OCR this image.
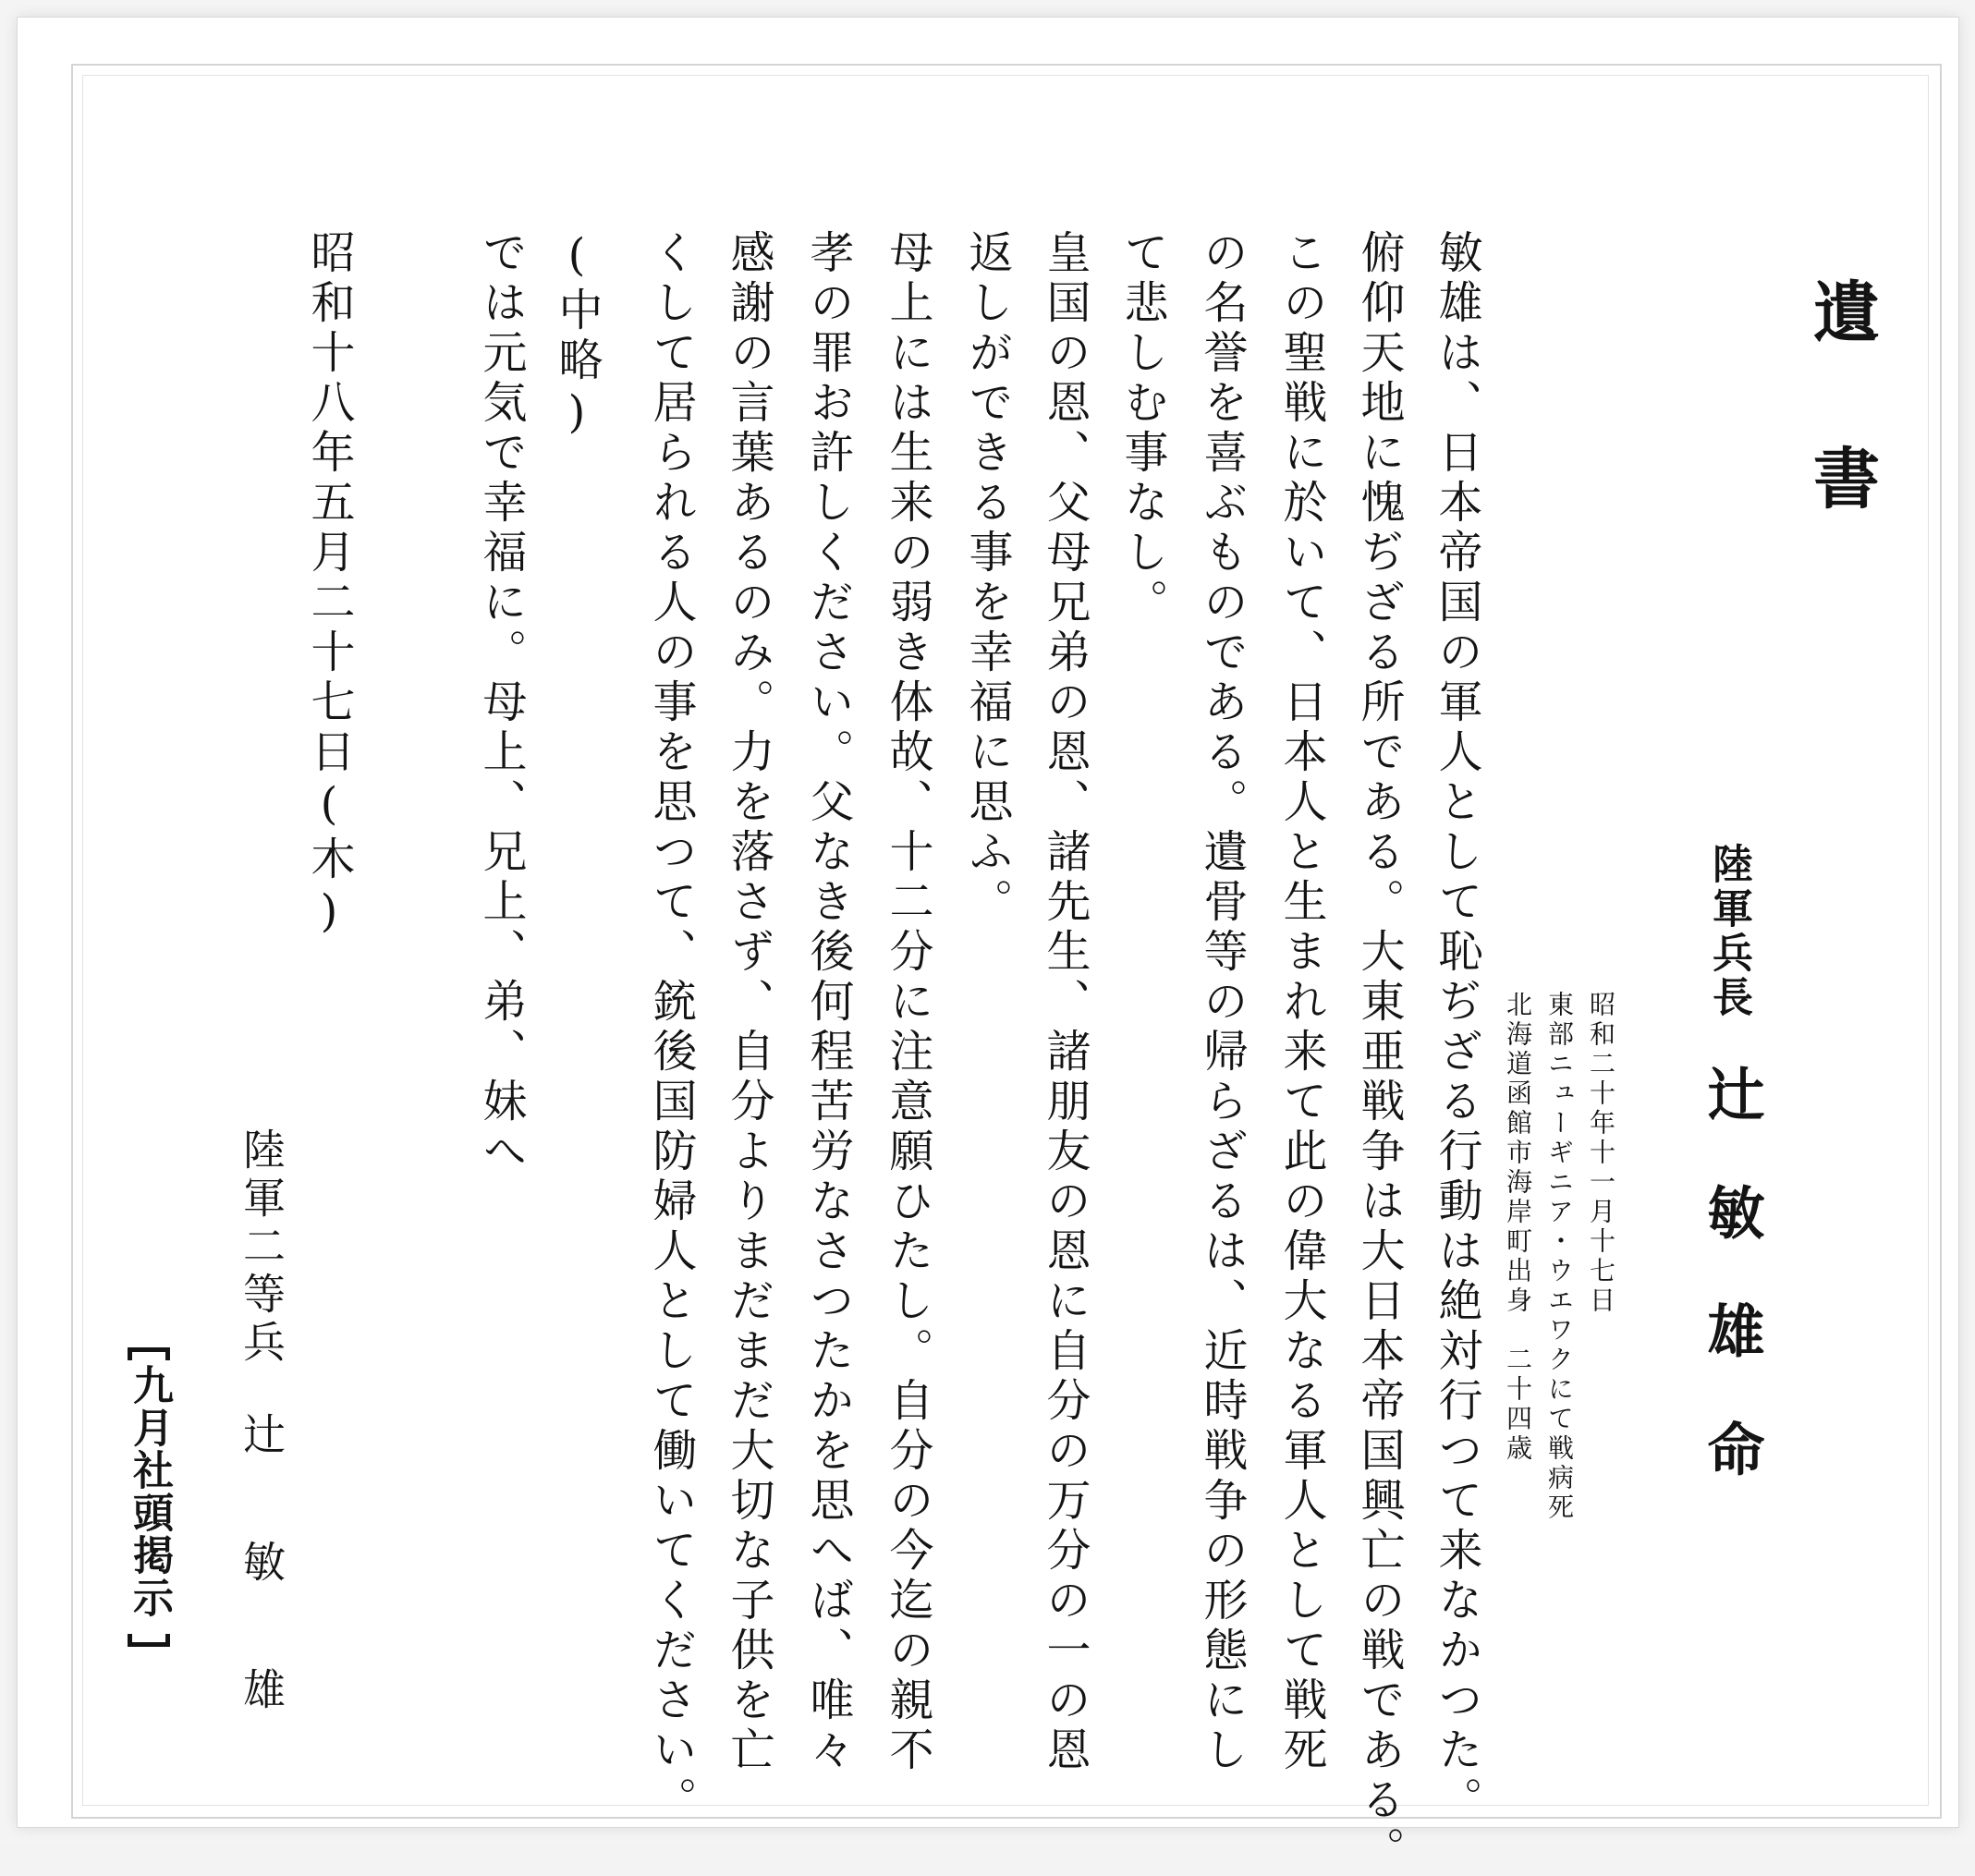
遺書
陸軍兵長
辻敏雄命
昭和二十年十一月十七日
東部ニューギニア・ウエワクにて戦病死
北海道函館市海岸町出身　二十四歳
敏雄は、日本帝国の軍人として恥ぢざる行動は絶対行つて来なかつた。
俯仰天地に愧ぢざる所である。大東亜戦争は大日本帝国興亡の戦である。
この聖戦に於いて、日本人と生まれ来て此の偉大なる軍人として戦死
の名誉を喜ぶものである。遺骨等の帰らざるは、近時戦争の形態にし
て悲しむ事なし。
皇国の恩、父母兄弟の恩、諸先生、諸朋友の恩に自分の万分の一の恩
返しができる事を幸福に思ふ。
母上には生来の弱き体故、十二分に注意願ひたし。自分の今迄の親不
孝の罪お許しください。父なき後何程苦労なさつたかを思へば、唯々
感謝の言葉あるのみ。力を落さず、自分よりまだまだ大切な子供を亡
くして居られる人の事を思つて、銃後国防婦人として働いてください。
では元気で幸福に。母上、兄上、弟、妹へ (中略)
昭和十八年五月二十七日(木)
陸軍二等兵
辻敏雄
九月社頭掲示
